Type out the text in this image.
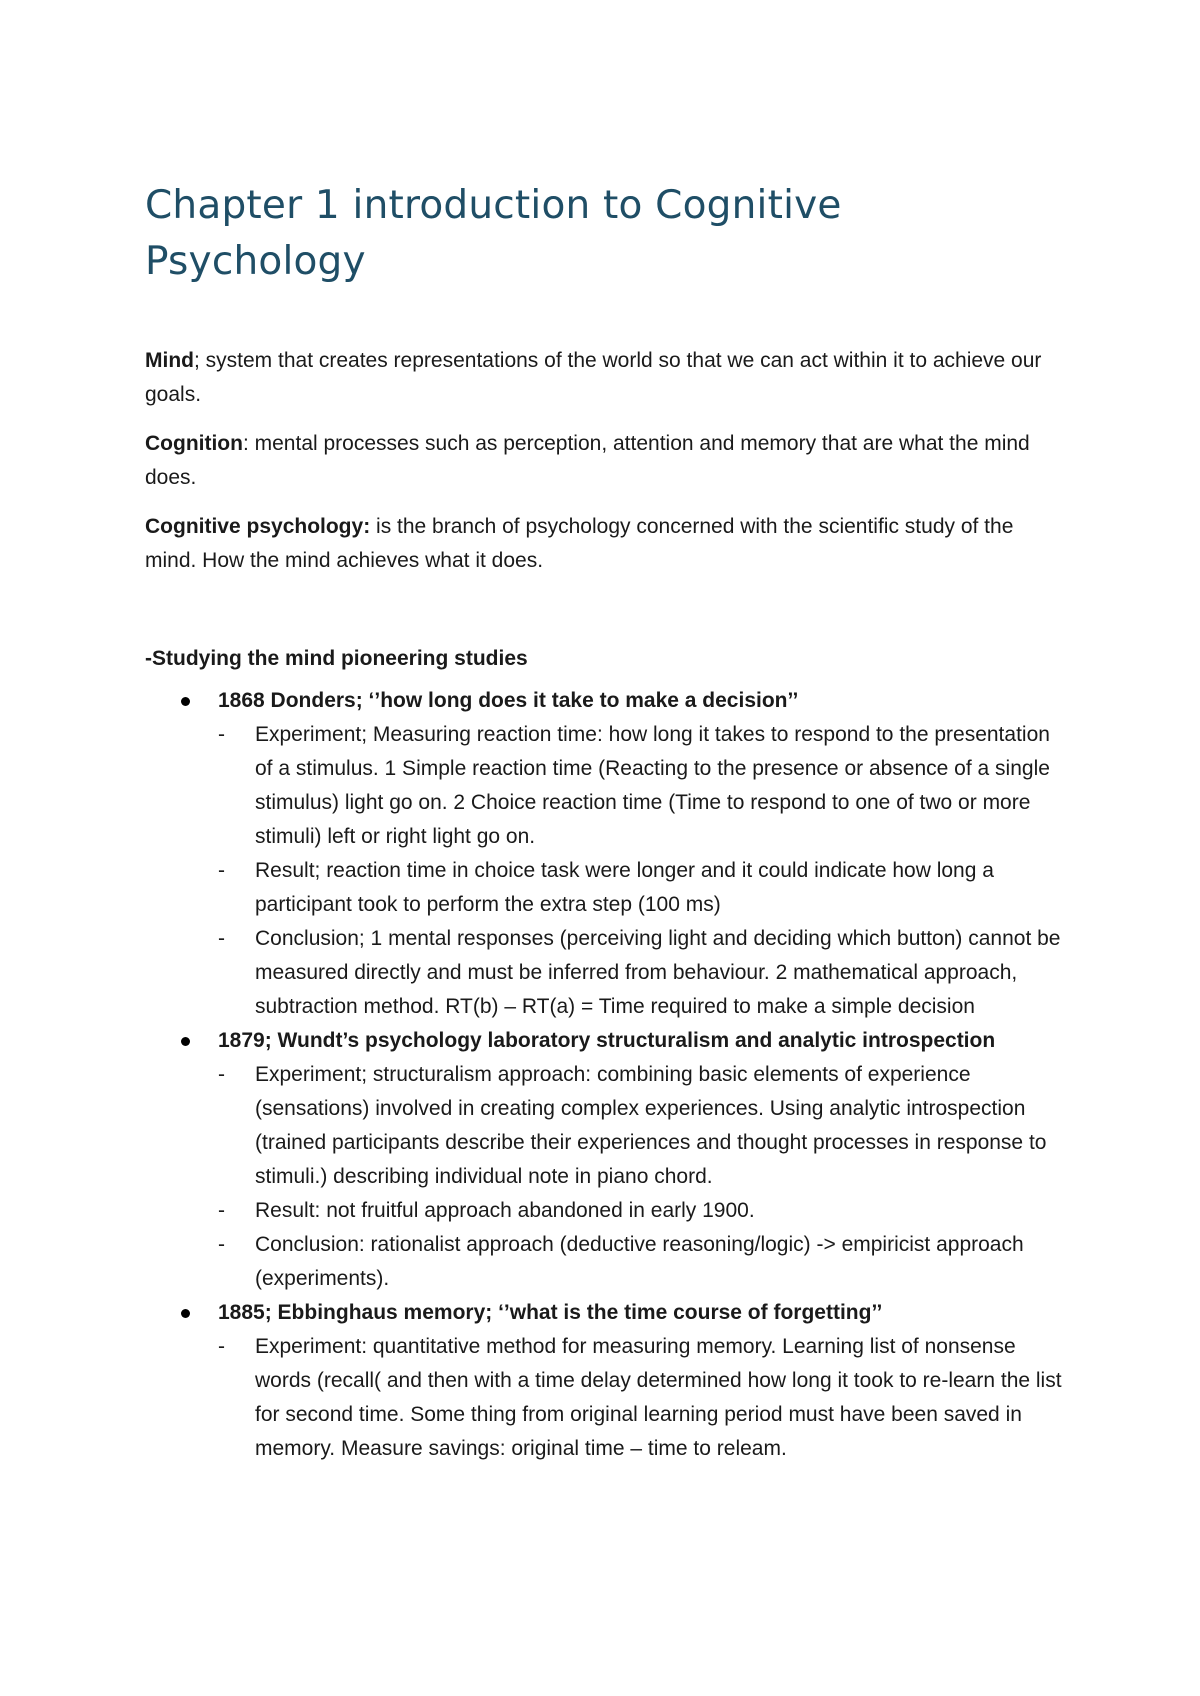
Chapter 1 introduction to Cognitive Psychology

Mind; system that creates representations of the world so that we can act within it to achieve our goals.

Cognition: mental processes such as perception, attention and memory that are what the mind does.

Cognitive psychology: is the branch of psychology concerned with the scientific study of the

mind. How the mind achieves what it does.

-Studying the mind pioneering studies

1868 Donders; ‘’how long does it take to make a decision’’

- Experiment; Measuring reaction time: how long it takes to respond to the presentation of a stimulus. 1 Simple reaction time (Reacting to the presence or absence of a single stimulus) light go on. 2 Choice reaction time (Time to respond to one of two or more stimuli) left or right light go on.
- Result; reaction time in choice task were longer and it could indicate how long a participant took to perform the extra step (100 ms)
- Conclusion; 1 mental responses (perceiving light and deciding which button) cannot be measured directly and must be inferred from behaviour. 2 mathematical approach, subtraction method. RT(b) – RT(a) = Time required to make a simple decision

1879; Wundt’s psychology laboratory structuralism and analytic introspection

- Experiment; structuralism approach: combining basic elements of experience (sensations) involved in creating complex experiences. Using analytic introspection (trained participants describe their experiences and thought processes in response to stimuli.) describing individual note in piano chord.
- Result: not fruitful approach abandoned in early 1900.
- Conclusion: rationalist approach (deductive reasoning/logic) -> empiricist approach (experiments).

1885; Ebbinghaus memory; ‘’what is the time course of forgetting’’

- Experiment: quantitative method for measuring memory. Learning list of nonsense words (recall( and then with a time delay determined how long it took to re-learn the list for second time. Some thing from original learning period must have been saved in memory. Measure savings: original time – time to releam.
